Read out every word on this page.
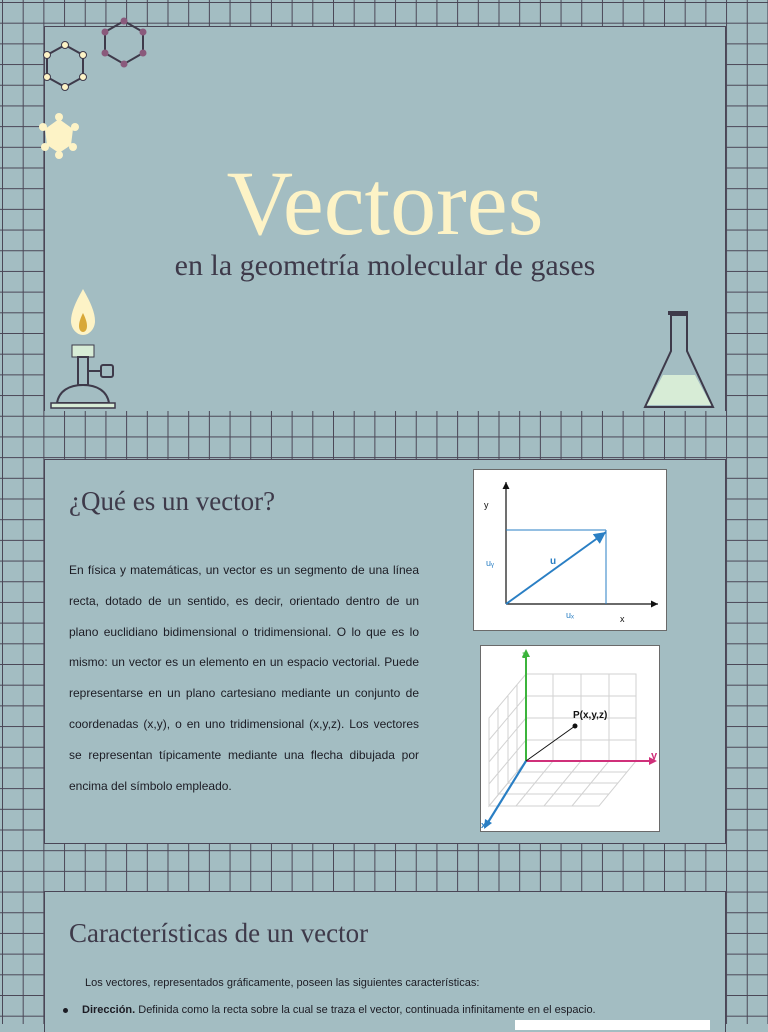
Vectores
en la geometría molecular de gases
¿Qué es un vector?
En física y matemáticas, un vector es un segmento de una línea recta, dotado de un sentido, es decir, orientado dentro de un plano euclidiano bidimensional o tridimensional. O lo que es lo mismo: un vector es un elemento en un espacio vectorial. Puede representarse en un plano cartesiano mediante un conjunto de coordenadas (x,y), o en uno tridimensional (x,y,z). Los vectores se representan típicamente mediante una flecha dibujada por encima del símbolo empleado.
y
x
u
uᵧ
uₓ
z
y
x
P(x,y,z)
Características de un vector
Los vectores, representados gráficamente, poseen las siguientes características:
Dirección. Definida como la recta sobre la cual se traza el vector, continuada infinitamente en el espacio.
